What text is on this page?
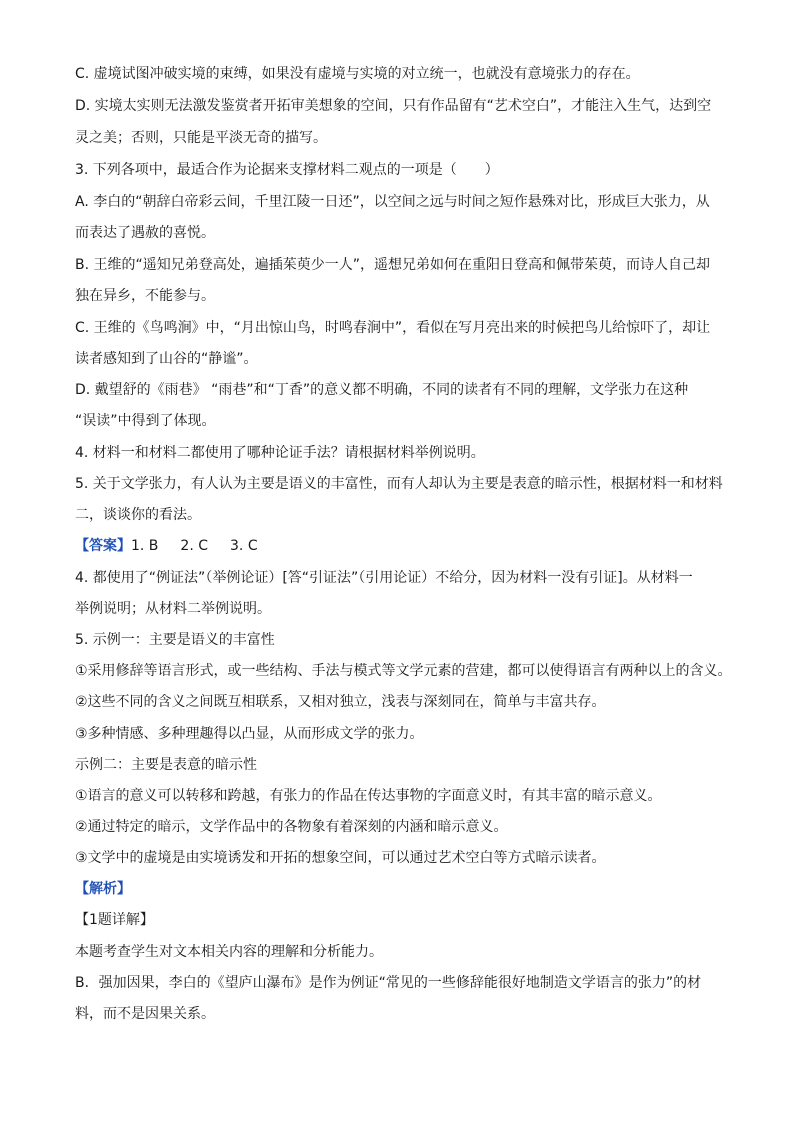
C. 虚境试图冲破实境的束缚，如果没有虚境与实境的对立统一，也就没有意境张力的存在。
D. 实境太实则无法激发鉴赏者开拓审美想象的空间，只有作品留有“艺术空白”，才能注入生气，达到空
灵之美；否则，只能是平淡无奇的描写。
3. 下列各项中，最适合作为论据来支撑材料二观点的一项是（　　）
A. 李白的“朝辞白帝彩云间，千里江陵一日还”，以空间之远与时间之短作悬殊对比，形成巨大张力，从
而表达了遇赦的喜悦。
B. 王维的“遥知兄弟登高处，遍插茱萸少一人”，遥想兄弟如何在重阳日登高和佩带茱萸，而诗人自己却
独在异乡，不能参与。
C. 王维的《鸟鸣涧》中，“月出惊山鸟，时鸣春涧中”，看似在写月亮出来的时候把鸟儿给惊吓了，却让
读者感知到了山谷的“静谧”。
D. 戴望舒的《雨巷》 “雨巷”和“丁香”的意义都不明确，不同的读者有不同的理解，文学张力在这种
“误读”中得到了体现。
4. 材料一和材料二都使用了哪种论证手法？请根据材料举例说明。
5. 关于文学张力，有人认为主要是语义的丰富性，而有人却认为主要是表意的暗示性，根据材料一和材料
二，谈谈你的看法。
【答案】1. B 2. C 3. C
4. 都使用了“例证法”（举例论证）[答“引证法”（引用论证）不给分，因为材料一没有引证]。从材料一
举例说明；从材料二举例说明。
5. 示例一：主要是语义的丰富性
①采用修辞等语言形式，或一些结构、手法与模式等文学元素的营建，都可以使得语言有两种以上的含义。
②这些不同的含义之间既互相联系，又相对独立，浅表与深刻同在，简单与丰富共存。
③多种情感、多种理趣得以凸显，从而形成文学的张力。
示例二：主要是表意的暗示性
①语言的意义可以转移和跨越，有张力的作品在传达事物的字面意义时，有其丰富的暗示意义。
②通过特定的暗示，文学作品中的各物象有着深刻的内涵和暗示意义。
③文学中的虚境是由实境诱发和开拓的想象空间，可以通过艺术空白等方式暗示读者。
【解析】
【1题详解】
本题考查学生对文本相关内容的理解和分析能力。
B．强加因果，李白的《望庐山瀑布》是作为例证“常见的一些修辞能很好地制造文学语言的张力”的材
料，而不是因果关系。
